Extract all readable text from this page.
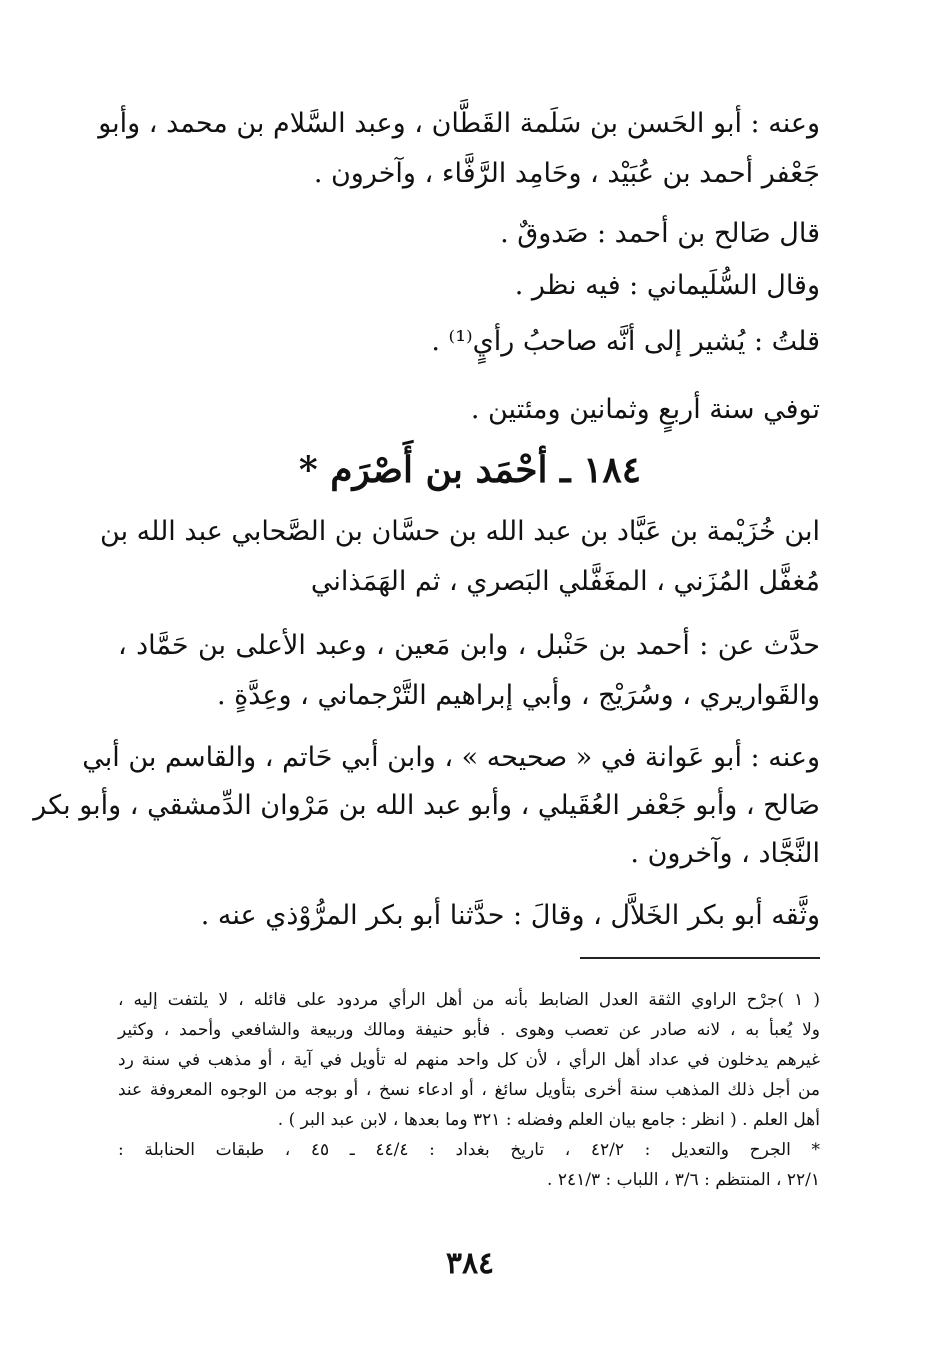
وعنه : أبو الحَسن بن سَلَمة القَطَّان ، وعبد السَّلام بن محمد ، وأبو
جَعْفر أحمد بن عُبَيْد ، وحَامِد الرَّفَّاء ، وآخرون .
قال صَالح بن أحمد : صَدوقٌ .
وقال السُّلَيماني : فيه نظر .
قلتُ : يُشير إلى أنَّه صاحبُ رأيٍ⁽¹⁾ .
توفي سنة أربعٍ وثمانين ومئتين .
١٨٤ ـ أحْمَد بن أَصْرَم *
ابن خُزَيْمة بن عَبَّاد بن عبد الله بن حسَّان بن الصَّحابي عبد الله بن
مُغفَّل المُزَني ، المغَفَّلي البَصري ، ثم الهَمَذاني
حدَّث عن : أحمد بن حَنْبل ، وابن مَعين ، وعبد الأعلى بن حَمَّاد ،
والقَواريري ، وسُرَيْج ، وأبي إبراهيم التَّرْجماني ، وعِدَّةٍ .
وعنه : أبو عَوانة في « صحيحه » ، وابن أبي حَاتم ، والقاسم بن أبي
صَالح ، وأبو جَعْفر العُقَيلي ، وأبو عبد الله بن مَرْوان الدِّمشقي ، وأبو بكر
النَّجَّاد ، وآخرون .
وثَّقه أبو بكر الخَلاَّل ، وقالَ : حدَّثنا أبو بكر المرُّوْذي عنه .
( ١ )جرْح الراوي الثقة العدل الضابط بأنه من أهل الرأي مردود على قائله ، لا يلتفت إليه ،
ولا يُعبأ به ، لانه صادر عن تعصب وهوى . فأبو حنيفة ومالك وربيعة والشافعي وأحمد ، وكثير
غيرهم يدخلون في عداد أهل الرأي ، لأن كل واحد منهم له تأويل في آية ، أو مذهب في سنة رد
من أجل ذلك المذهب سنة أخرى بتأويل سائغ ، أو ادعاء نسخ ، أو بوجه من الوجوه المعروفة عند
أهل العلم . ( انظر : جامع بيان العلم وفضله : ٣٢١ وما بعدها ، لابن عبد البر ) .
* الجرح والتعديل : ٤٢/٢ ، تاريخ بغداد : ٤٤/٤ ـ ٤٥ ، طبقات الحنابلة :
٢٢/١ ، المنتظم : ٣/٦ ، اللباب : ٢٤١/٣ .
٣٨٤
